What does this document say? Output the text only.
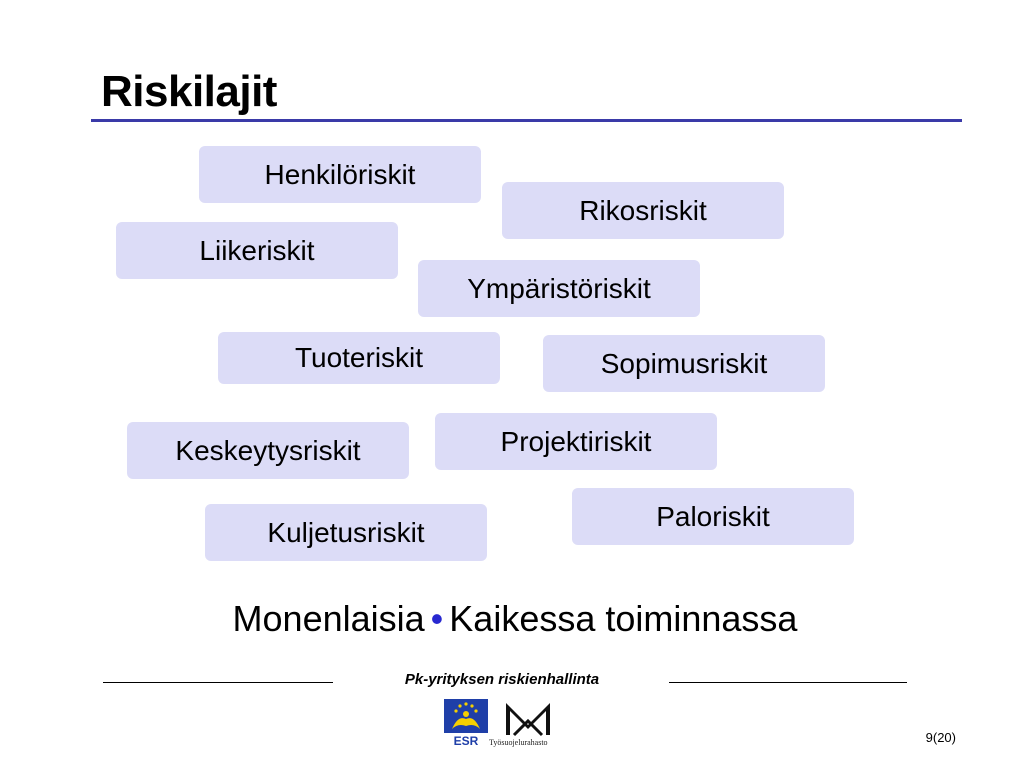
Riskilajit
Henkilöriskit
Rikosriskit
Liikeriskit
Ympäristöriskit
Tuoteriskit	Sopimusriskit
Keskeytysriskit	Projektiriskit
Paloriskit
Kuljetusriskit
Monenlaisia • Kaikessa toiminnassa
Pk-yrityksen riskienhallinta
ESR Työsuojelurahasto	9(20)
